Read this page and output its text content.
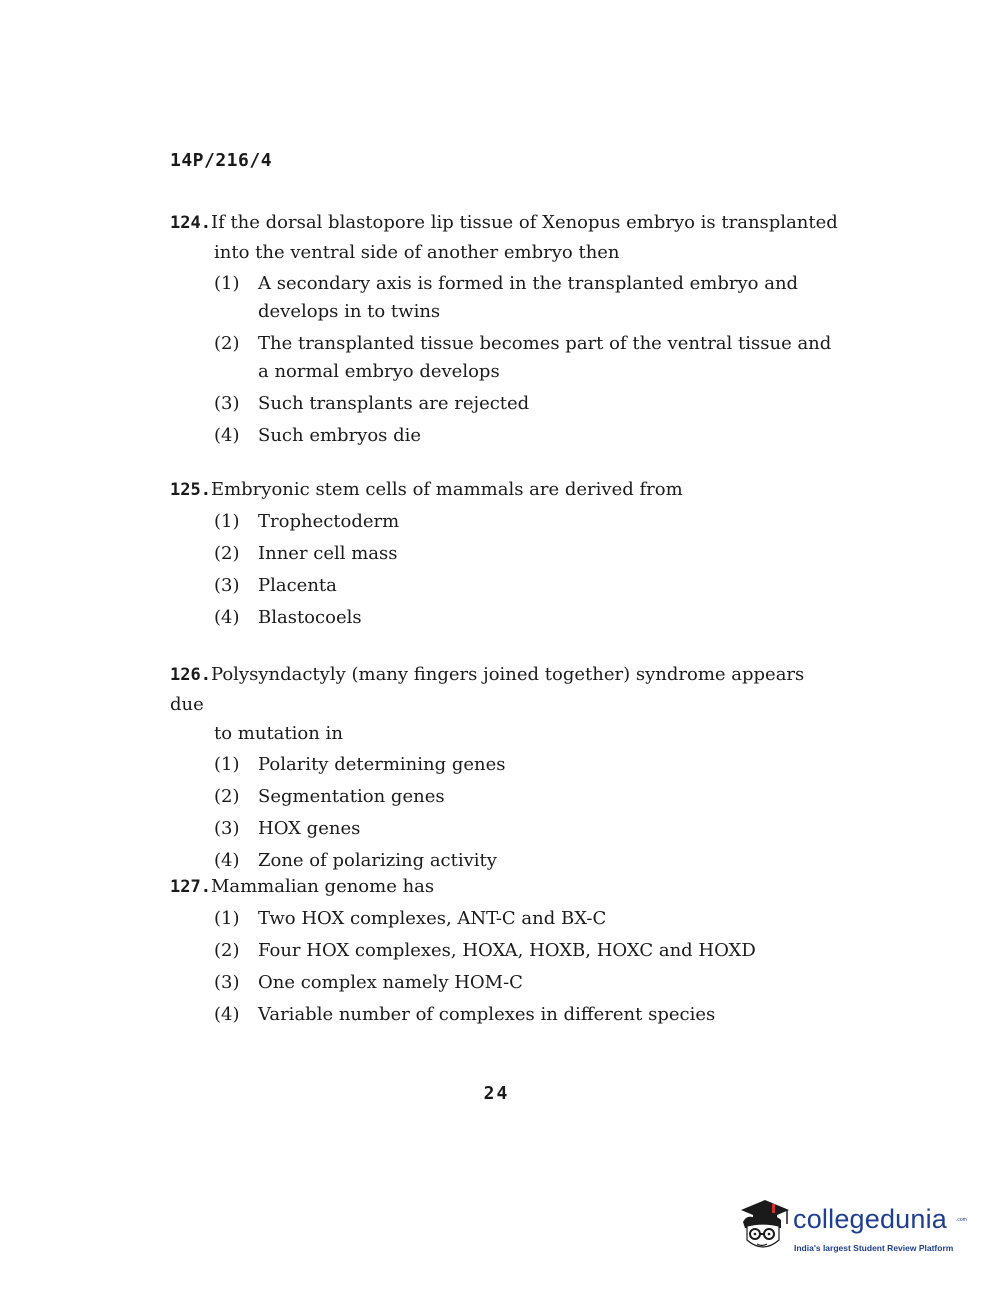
14P/216/4
124.If the dorsal blastopore lip tissue of Xenopus embryo is transplanted
into the ventral side of another embryo then
(1) A secondary axis is formed in the transplanted embryo and develops in to twins
(2) The transplanted tissue becomes part of the ventral tissue and a normal embryo develops
(3) Such transplants are rejected
(4) Such embryos die
125.Embryonic stem cells of mammals are derived from
(1) Trophectoderm
(2) Inner cell mass
(3) Placenta
(4) Blastocoels
126.Polysyndactyly (many fingers joined together) syndrome appears due
to mutation in
(1) Polarity determining genes
(2) Segmentation genes
(3) HOX genes
(4) Zone of polarizing activity
127.Mammalian genome has
(1) Two HOX complexes, ANT-C and BX-C
(2) Four HOX complexes, HOXA, HOXB, HOXC and HOXD
(3) One complex namely HOM-C
(4) Variable number of complexes in different species
24
collegedunia .com
India's largest Student Review Platform
